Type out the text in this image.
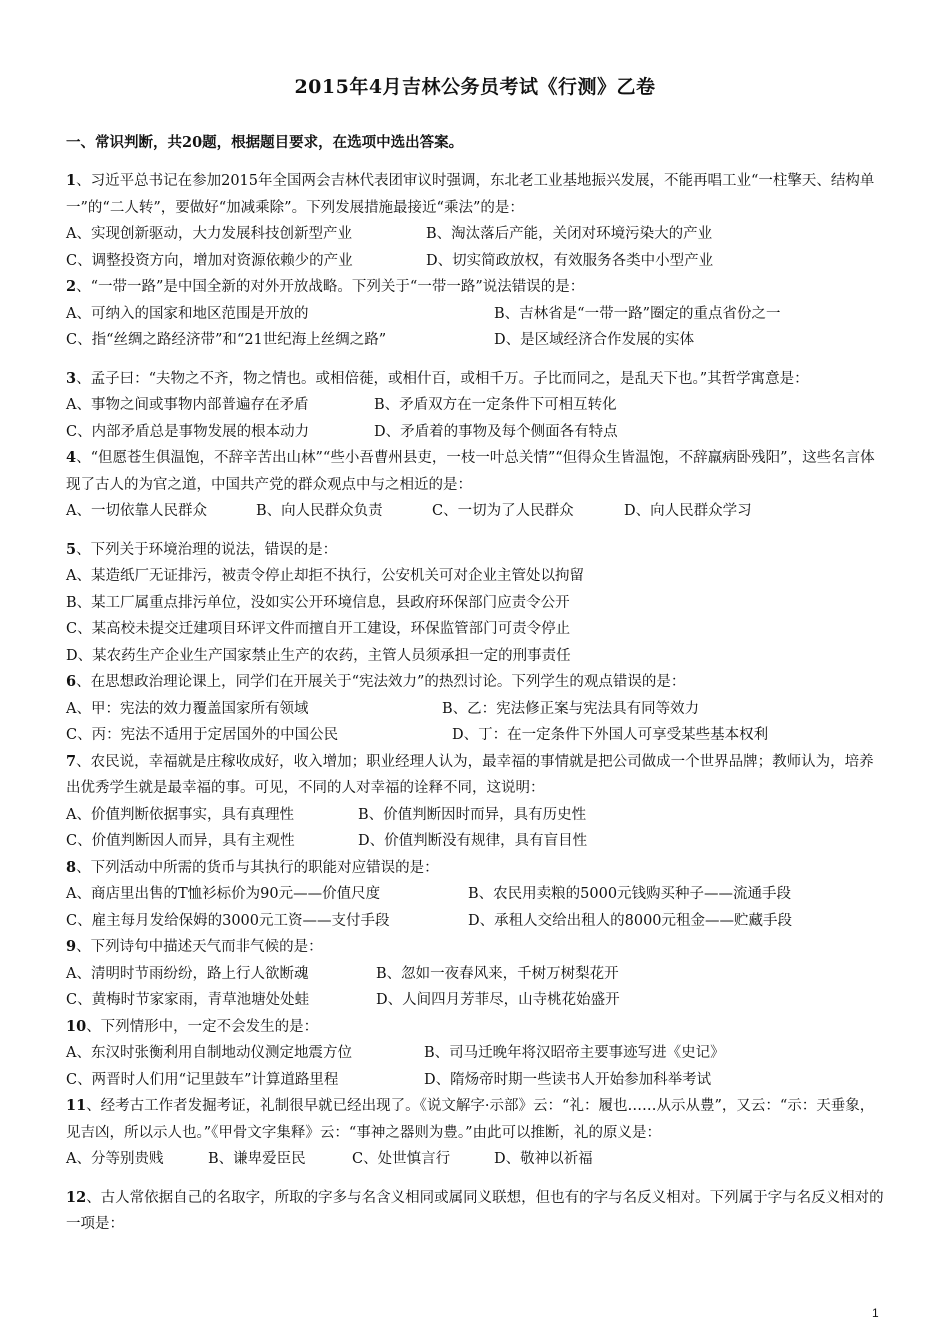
2015年4月吉林公务员考试《行测》乙卷
一、常识判断，共20题，根据题目要求，在选项中选出答案。
1、习近平总书记在参加2015年全国两会吉林代表团审议时强调，东北老工业基地振兴发展，不能再唱工业“一柱擎天、结构单一”的“二人转”，要做好“加减乘除”。下列发展措施最接近“乘法”的是：
A、实现创新驱动，大力发展科技创新型产业	B、淘汰落后产能，关闭对环境污染大的产业
C、调整投资方向，增加对资源依赖少的产业	D、切实简政放权，有效服务各类中小型产业
2、“一带一路”是中国全新的对外开放战略。下列关于“一带一路”说法错误的是：
A、可纳入的国家和地区范围是开放的	B、吉林省是“一带一路”圈定的重点省份之一
C、指“丝绸之路经济带”和“21世纪海上丝绸之路”	D、是区域经济合作发展的实体
3、孟子曰：“夫物之不齐，物之情也。或相倍蓰，或相什百，或相千万。子比而同之，是乱天下也。”其哲学寓意是：
A、事物之间或事物内部普遍存在矛盾	B、矛盾双方在一定条件下可相互转化
C、内部矛盾总是事物发展的根本动力	D、矛盾着的事物及每个侧面各有特点
4、“但愿苍生俱温饱，不辞辛苦出山林”“些小吾曹州县吏，一枝一叶总关情”“但得众生皆温饱，不辞羸病卧残阳”，这些名言体现了古人的为官之道，中国共产党的群众观点中与之相近的是：
A、一切依靠人民群众	B、向人民群众负责	C、一切为了人民群众	D、向人民群众学习
5、下列关于环境治理的说法，错误的是：
A、某造纸厂无证排污，被责令停止却拒不执行，公安机关可对企业主管处以拘留
B、某工厂属重点排污单位，没如实公开环境信息，县政府环保部门应责令公开
C、某高校未提交迁建项目环评文件而擅自开工建设，环保监管部门可责令停止
D、某农药生产企业生产国家禁止生产的农药，主管人员须承担一定的刑事责任
6、在思想政治理论课上，同学们在开展关于“宪法效力”的热烈讨论。下列学生的观点错误的是：
A、甲：宪法的效力覆盖国家所有领域	B、乙：宪法修正案与宪法具有同等效力
C、丙：宪法不适用于定居国外的中国公民	D、丁：在一定条件下外国人可享受某些基本权利
7、农民说，幸福就是庄稼收成好，收入增加；职业经理人认为，最幸福的事情就是把公司做成一个世界品牌；教师认为，培养出优秀学生就是最幸福的事。可见，不同的人对幸福的诠释不同，这说明：
A、价值判断依据事实，具有真理性	B、价值判断因时而异，具有历史性
C、价值判断因人而异，具有主观性	D、价值判断没有规律，具有盲目性
8、下列活动中所需的货币与其执行的职能对应错误的是：
A、商店里出售的T恤衫标价为90元——价值尺度	B、农民用卖粮的5000元钱购买种子——流通手段
C、雇主每月发给保姆的3000元工资——支付手段	D、承租人交给出租人的8000元租金——贮藏手段
9、下列诗句中描述天气而非气候的是：
A、清明时节雨纷纷，路上行人欲断魂	B、忽如一夜春风来，千树万树梨花开
C、黄梅时节家家雨，青草池塘处处蛙	D、人间四月芳菲尽，山寺桃花始盛开
10、下列情形中，一定不会发生的是：
A、东汉时张衡利用自制地动仪测定地震方位	B、司马迁晚年将汉昭帝主要事迹写进《史记》
C、两晋时人们用“记里鼓车”计算道路里程	D、隋炀帝时期一些读书人开始参加科举考试
11、经考古工作者发掘考证，礼制很早就已经出现了。《说文解字·示部》云：“礼：履也……从示从豊”，又云：“示：天垂象，见吉凶，所以示人也。”《甲骨文字集释》云：“事神之器则为豊。”由此可以推断，礼的原义是：
A、分等别贵贱	B、谦卑爱臣民	C、处世慎言行	D、敬神以祈福
12、古人常依据自己的名取字，所取的字多与名含义相同或属同义联想，但也有的字与名反义相对。下列属于字与名反义相对的一项是：
1
